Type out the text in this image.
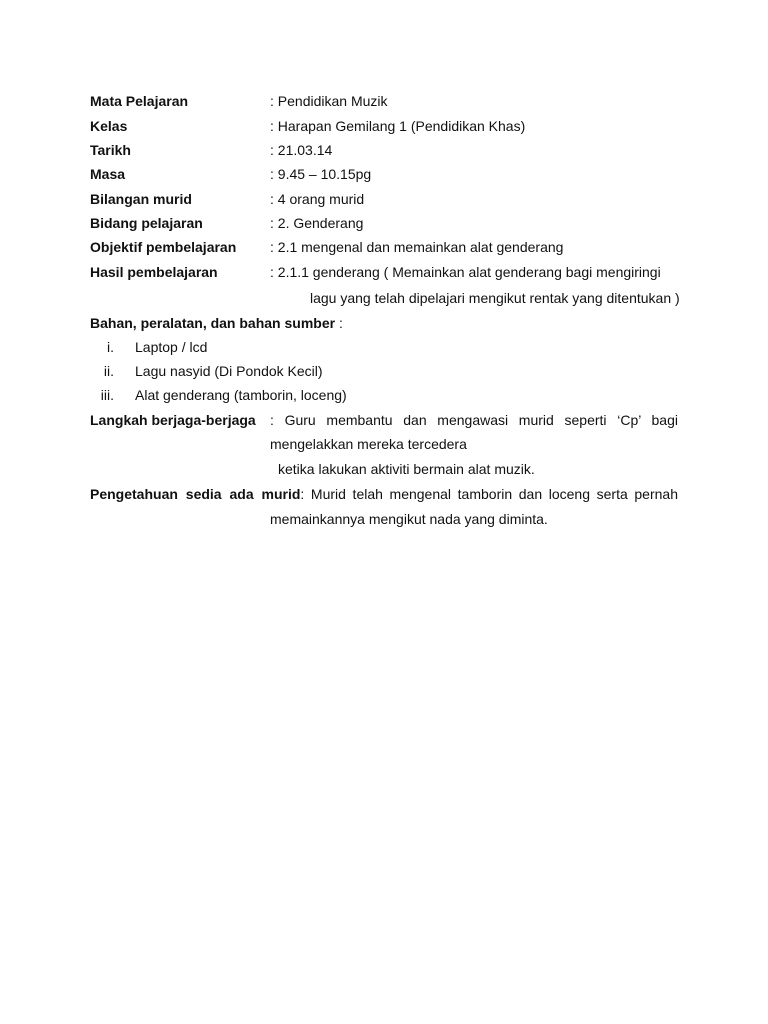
Mata Pelajaran	: Pendidikan Muzik
Kelas	: Harapan Gemilang 1 (Pendidikan Khas)
Tarikh	: 21.03.14
Masa	: 9.45 – 10.15pg
Bilangan murid	: 4 orang murid
Bidang pelajaran	: 2. Genderang
Objektif pembelajaran : 2.1 mengenal dan memainkan alat genderang
Hasil pembelajaran	: 2.1.1 genderang ( Memainkan alat genderang bagi mengiringi
lagu yang telah dipelajari mengikut rentak yang ditentukan )
Bahan, peralatan, dan bahan sumber :
i. Laptop / lcd
ii. Lagu nasyid (Di Pondok Kecil)
iii. Alat genderang (tamborin, loceng)
Langkah berjaga-berjaga : Guru membantu dan mengawasi murid seperti ‘Cp’ bagi
mengelakkan mereka tercedera
ketika lakukan aktiviti bermain alat muzik.
Pengetahuan sedia ada murid : Murid telah mengenal tamborin dan loceng serta pernah
memainkannya mengikut nada yang diminta.
